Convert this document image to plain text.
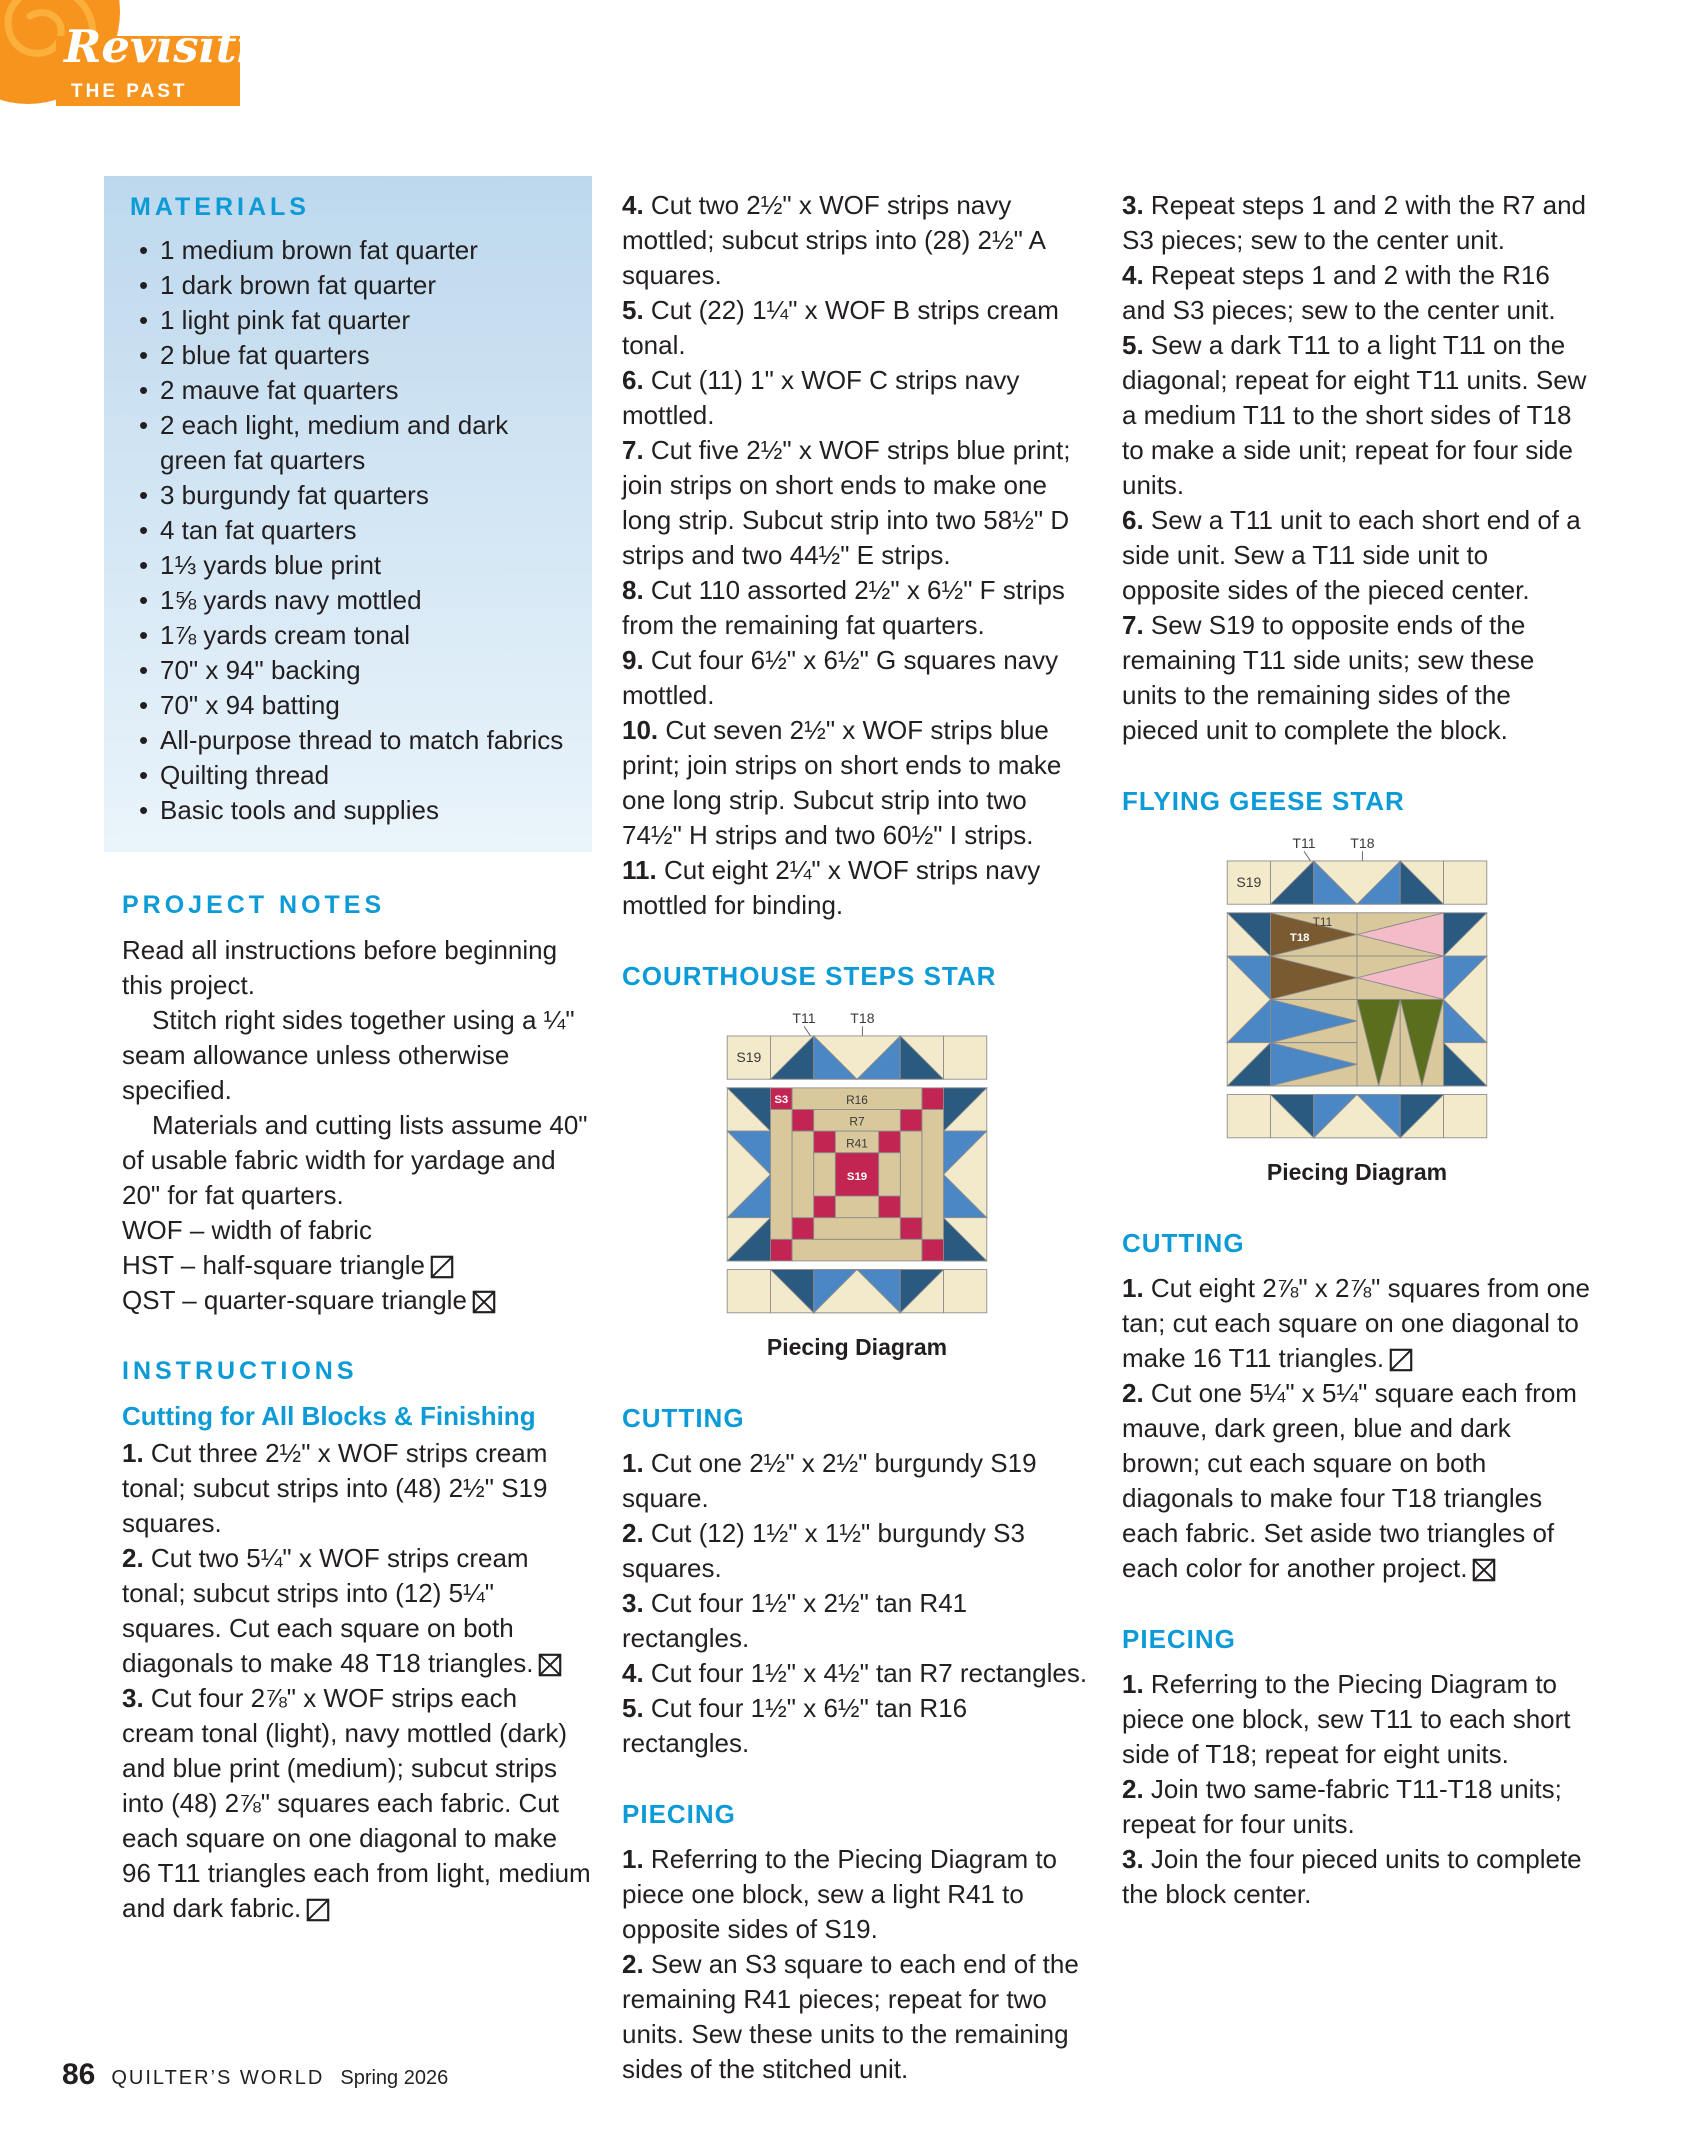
Revisiting
THE PAST
MATERIALS
• 1 medium brown fat quarter
• 1 dark brown fat quarter
• 1 light pink fat quarter
• 2 blue fat quarters
• 2 mauve fat quarters
• 2 each light, medium and dark green fat quarters
• 3 burgundy fat quarters
• 4 tan fat quarters
• 1⅓ yards blue print
• 1⅝ yards navy mottled
• 1⅞ yards cream tonal
• 70" x 94" backing
• 70" x 94 batting
• All-purpose thread to match fabrics
• Quilting thread
• Basic tools and supplies
PROJECT NOTES

Read all instructions before beginning this project.

Stitch right sides together using a ¼" seam allowance unless otherwise specified.

Materials and cutting lists assume 40" of usable fabric width for yardage and 20" for fat quarters.

WOF – width of fabric

HST – half-square triangle

QST – quarter-square triangle

INSTRUCTIONS
Cutting for All Blocks & Finishing

1. Cut three 2½" x WOF strips cream tonal; subcut strips into (48) 2½" S19 squares.

2. Cut two 5¼" x WOF strips cream tonal; subcut strips into (12) 5¼" squares. Cut each square on both diagonals to make 48 T18 triangles.

3. Cut four 2⅞" x WOF strips each cream tonal (light), navy mottled (dark) and blue print (medium); subcut strips into (48) 2⅞" squares each fabric. Cut each square on one diagonal to make 96 T11 triangles each from light, medium and dark fabric.

4. Cut two 2½" x WOF strips navy mottled; subcut strips into (28) 2½" A squares.

5. Cut (22) 1¼" x WOF B strips cream tonal.

6. Cut (11) 1" x WOF C strips navy mottled.

7. Cut five 2½" x WOF strips blue print; join strips on short ends to make one long strip. Subcut strip into two 58½" D strips and two 44½" E strips.

8. Cut 110 assorted 2½" x 6½" F strips from the remaining fat quarters.

9. Cut four 6½" x 6½" G squares navy mottled.

10. Cut seven 2½" x WOF strips blue print; join strips on short ends to make one long strip. Subcut strip into two 74½" H strips and two 60½" I strips.

11. Cut eight 2¼" x WOF strips navy mottled for binding.

COURTHOUSE STEPS STAR
T11	T18
S19
S3	R16
R7
R41
S19

Piecing Diagram

CUTTING

1. Cut one 2½" x 2½" burgundy S19 square.

2. Cut (12) 1½" x 1½" burgundy S3 squares.

3. Cut four 1½" x 2½" tan R41 rectangles.

4. Cut four 1½" x 4½" tan R7 rectangles.

5. Cut four 1½" x 6½" tan R16 rectangles.

PIECING

1. Referring to the Piecing Diagram to piece one block, sew a light R41 to opposite sides of S19.

2. Sew an S3 square to each end of the remaining R41 pieces; repeat for two units. Sew these units to the remaining sides of the stitched unit.

3. Repeat steps 1 and 2 with the R7 and S3 pieces; sew to the center unit.

4. Repeat steps 1 and 2 with the R16 and S3 pieces; sew to the center unit.

5. Sew a dark T11 to a light T11 on the diagonal; repeat for eight T11 units. Sew a medium T11 to the short sides of T18 to make a side unit; repeat for four side units.

6. Sew a T11 unit to each short end of a side unit. Sew a T11 side unit to opposite sides of the pieced center.

7. Sew S19 to opposite ends of the remaining T11 side units; sew these units to the remaining sides of the pieced unit to complete the block.

FLYING GEESE STAR
T11	T18
S19
T11
T18

Piecing Diagram

CUTTING

1. Cut eight 2⅞" x 2⅞" squares from one tan; cut each square on one diagonal to make 16 T11 triangles.

2. Cut one 5¼" x 5¼" square each from mauve, dark green, blue and dark brown; cut each square on both diagonals to make four T18 triangles each fabric. Set aside two triangles of each color for another project.

PIECING

1. Referring to the Piecing Diagram to piece one block, sew T11 to each short side of T18; repeat for eight units.

2. Join two same-fabric T11-T18 units; repeat for four units.

3. Join the four pieced units to complete the block center.

86 QUILTER’S WORLD Spring 2026
